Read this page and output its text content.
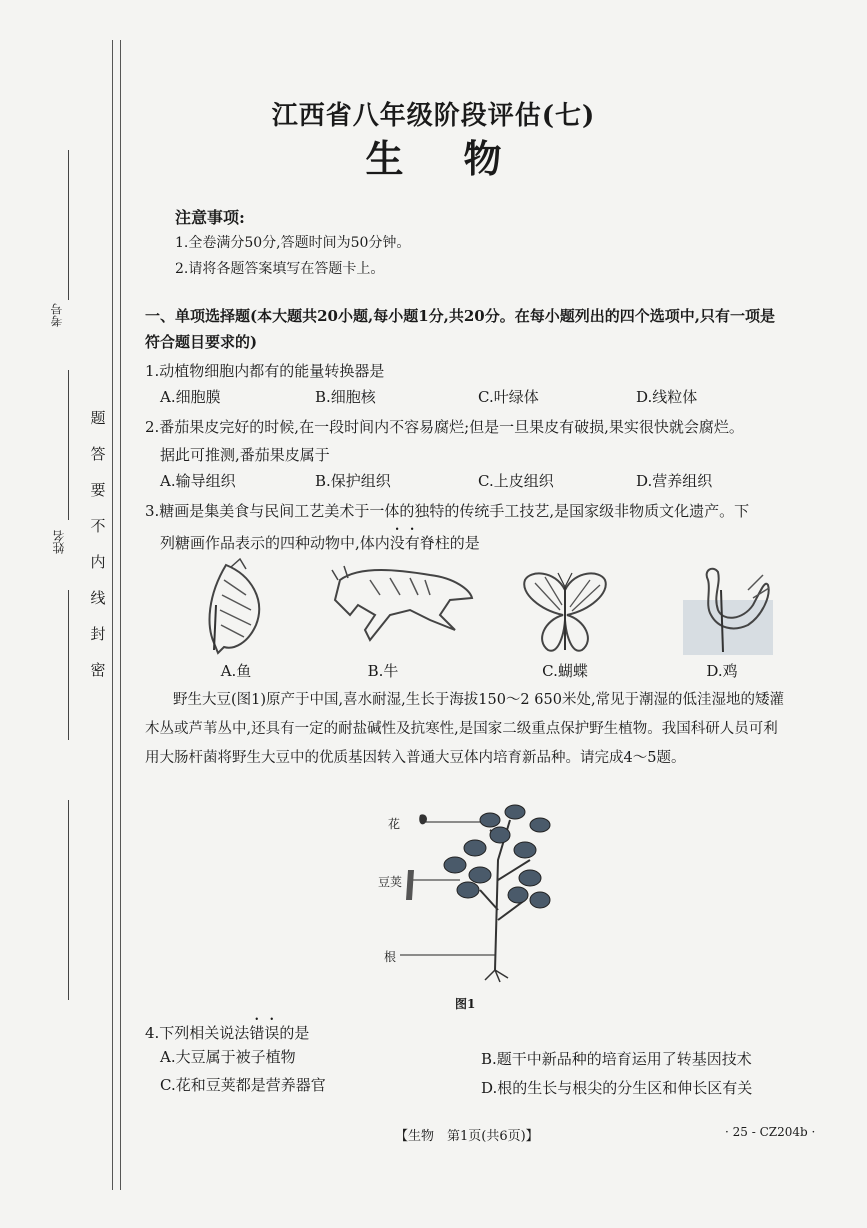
考号
姓名
题
答
要
不
内
线
封
密
江西省八年级阶段评估(七)
生物
注意事项:
1.全卷满分50分,答题时间为50分钟。
2.请将各题答案填写在答题卡上。
一、单项选择题(本大题共20小题,每小题1分,共20分。在每小题列出的四个选项中,只有一项是符合题目要求的)
1.动植物细胞内都有的能量转换器是
A.细胞膜	B.细胞核	C.叶绿体	D.线粒体
2.番茄果皮完好的时候,在一段时间内不容易腐烂;但是一旦果皮有破损,果实很快就会腐烂。
据此可推测,番茄果皮属于
A.输导组织	B.保护组织	C.上皮组织	D.营养组织
3.糖画是集美食与民间工艺美术于一体的独特的传统手工技艺,是国家级非物质文化遗产。下
列糖画作品表示的四种动物中,体内没有脊柱的是
A.鱼	B.牛	C.蝴蝶	D.鸡
野生大豆(图1)原产于中国,喜水耐湿,生长于海拔150～2 650米处,常见于潮湿的低洼湿地的矮灌木丛或芦苇丛中,还具有一定的耐盐碱性及抗寒性,是国家二级重点保护野生植物。我国科研人员可利用大肠杆菌将野生大豆中的优质基因转入普通大豆体内培育新品种。请完成4～5题。
花
豆荚
根
图1
4.下列相关说法错误的是
A.大豆属于被子植物	B.题干中新品种的培育运用了转基因技术
C.花和豆荚都是营养器官	D.根的生长与根尖的分生区和伸长区有关
【生物　第1页(共6页)】	· 25 - CZ204b ·
